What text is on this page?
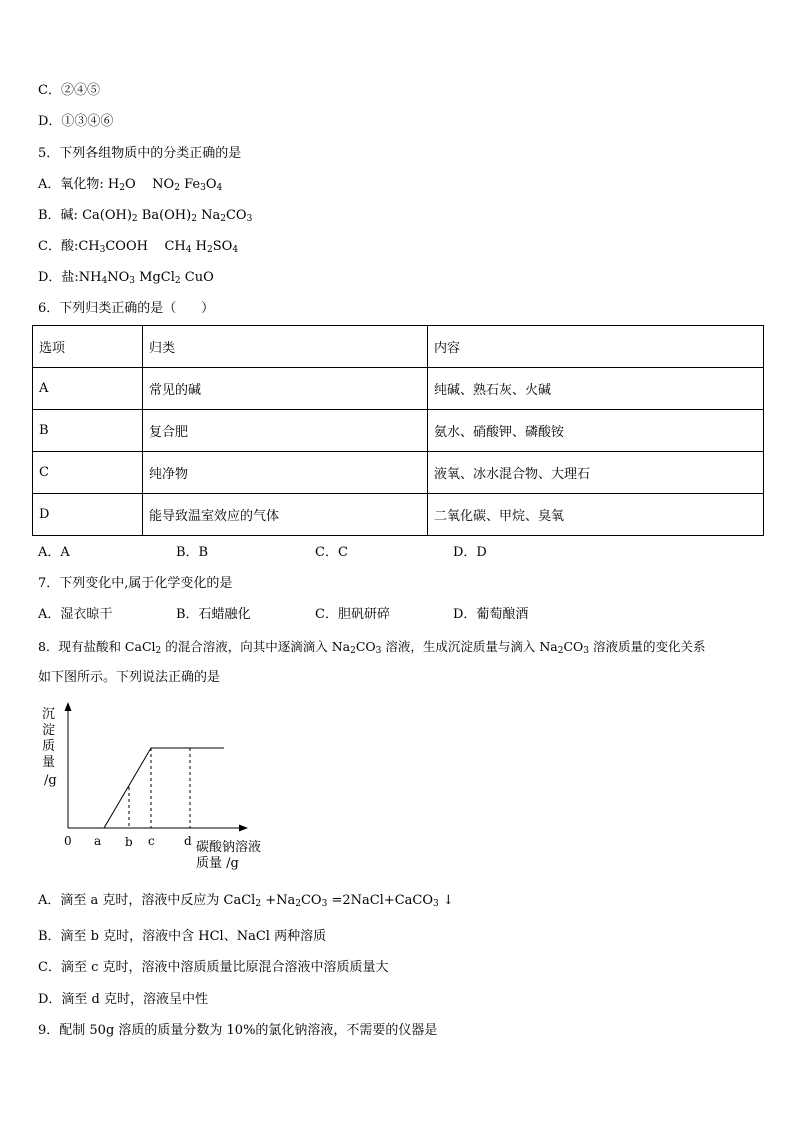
C．②④⑤
D．①③④⑥
5．下列各组物质中的分类正确的是
A．氧化物: $H_2O$    $NO_2$ $Fe_3O_4$
B．碱: $Ca(OH)_2$ $Ba(OH)_2$ $Na_2CO_3$
C．酸$:CH_3COOH$    $CH_4$ $H_2SO_4$
D．盐$:NH_4NO_3$ MgCl$_2$ CuO
6．下列归类正确的是（      ）
选项	归类	内容
A	常见的碱	纯碱、熟石灰、火碱
B	复合肥	氨水、硝酸钾、磷酸铵
C	纯净物	液氧、冰水混合物、大理石
D	能导致温室效应的气体	二氧化碳、甲烷、臭氧
A．A	B．B	C．C	D．D
7．下列变化中,属于化学变化的是
A．湿衣晾干	B．石蜡融化	C．胆矾研碎	D．葡萄酿酒
8．现有盐酸和 CaCl$_2$ 的混合溶液，向其中逐滴滴入 $Na_2CO_3$ 溶液，生成沉淀质量与滴入 $Na_2CO_3$ 溶液质量的变化关系
如下图所示。下列说法正确的是
沉
淀
质
量
/g
0 a b c d 碳酸钠溶液
质量 /g
A．滴至 a 克时，溶液中反应为 CaCl$_2$ $+Na_2CO_3$ =2NaCl+CaCO$_3$ ↓
B．滴至 b 克时，溶液中含 HCl、NaCl 两种溶质
C．滴至 c 克时，溶液中溶质质量比原混合溶液中溶质质量大
D．滴至 d 克时，溶液呈中性
9．配制 50g 溶质的质量分数为 10%的氯化钠溶液，不需要的仪器是
